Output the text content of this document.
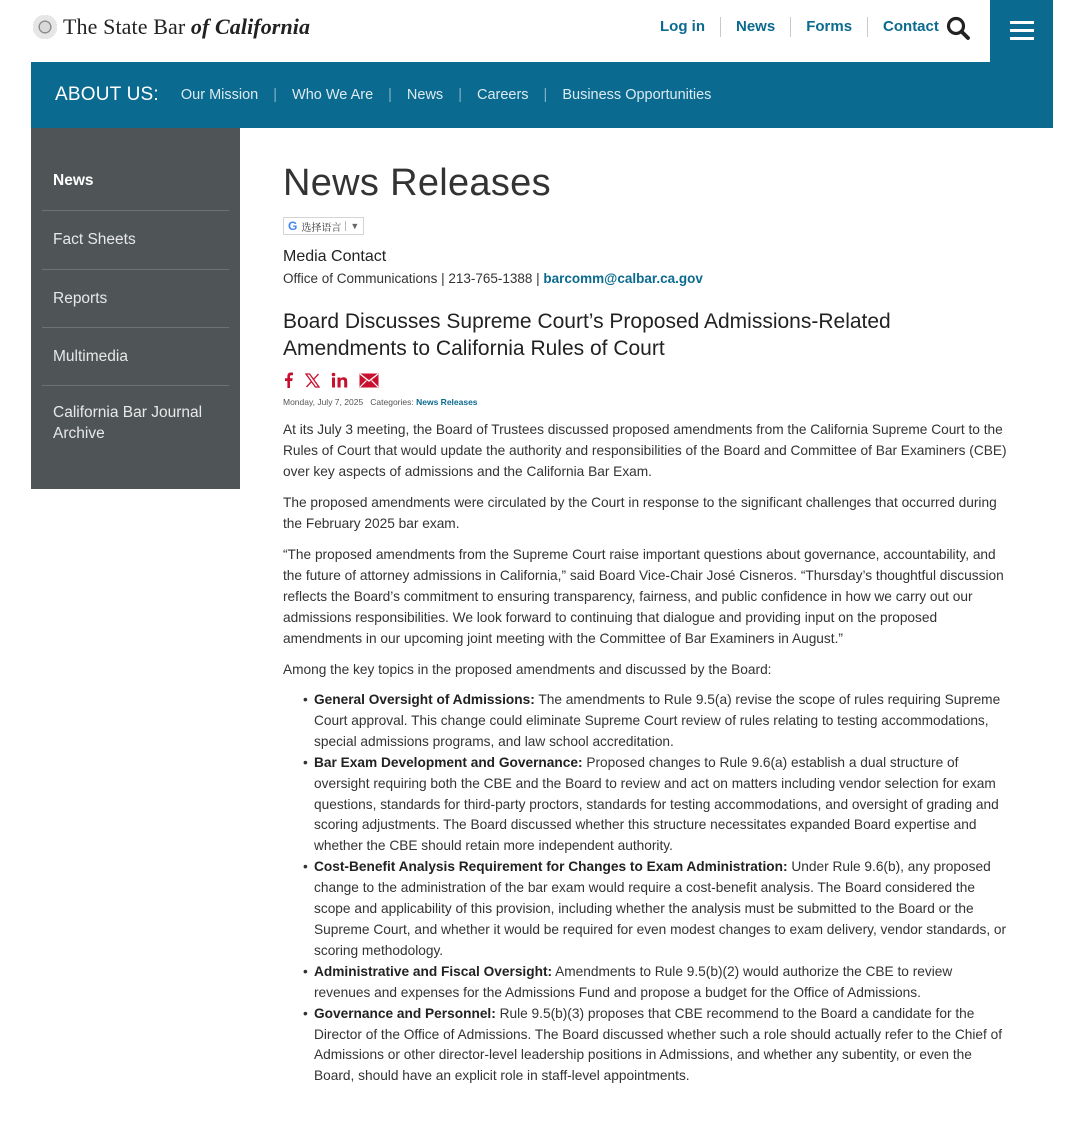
The State Bar of California	Log in	News	Forms	Contact
ABOUT US: Our Mission | Who We Are | News | Careers | Business Opportunities
News
Fact Sheets
Reports
Multimedia
California Bar Journal Archive
News Releases
G 选择语言	▼
Media Contact
Office of Communications | 213-765-1388 | barcomm@calbar.ca.gov
Board Discusses Supreme Court’s Proposed Admissions-Related Amendments to California Rules of Court
Monday, July 7, 2025 Categories: News Releases

At its July 3 meeting, the Board of Trustees discussed proposed amendments from the California Supreme Court to the Rules of Court that would update the authority and responsibilities of the Board and Committee of Bar Examiners (CBE) over key aspects of admissions and the California Bar Exam.

The proposed amendments were circulated by the Court in response to the significant challenges that occurred during the February 2025 bar exam.

“The proposed amendments from the Supreme Court raise important questions about governance, accountability, and the future of attorney admissions in California,” said Board Vice-Chair José Cisneros. “Thursday’s thoughtful discussion reflects the Board’s commitment to ensuring transparency, fairness, and public confidence in how we carry out our admissions responsibilities. We look forward to continuing that dialogue and providing input on the proposed amendments in our upcoming joint meeting with the Committee of Bar Examiners in August.”

Among the key topics in the proposed amendments and discussed by the Board:

• General Oversight of Admissions: The amendments to Rule 9.5(a) revise the scope of rules requiring Supreme Court approval. This change could eliminate Supreme Court review of rules relating to testing accommodations, special admissions programs, and law school accreditation.
• Bar Exam Development and Governance: Proposed changes to Rule 9.6(a) establish a dual structure of oversight requiring both the CBE and the Board to review and act on matters including vendor selection for exam questions, standards for third-party proctors, standards for testing accommodations, and oversight of grading and scoring adjustments. The Board discussed whether this structure necessitates expanded Board expertise and whether the CBE should retain more independent authority.
• Cost-Benefit Analysis Requirement for Changes to Exam Administration: Under Rule 9.6(b), any proposed change to the administration of the bar exam would require a cost-benefit analysis. The Board considered the scope and applicability of this provision, including whether the analysis must be submitted to the Board or the Supreme Court, and whether it would be required for even modest changes to exam delivery, vendor standards, or scoring methodology.
• Administrative and Fiscal Oversight: Amendments to Rule 9.5(b)(2) would authorize the CBE to review revenues and expenses for the Admissions Fund and propose a budget for the Office of Admissions.
• Governance and Personnel: Rule 9.5(b)(3) proposes that CBE recommend to the Board a candidate for the Director of the Office of Admissions. The Board discussed whether such a role should actually refer to the Chief of Admissions or other director-level leadership positions in Admissions, and whether any subentity, or even the Board, should have an explicit role in staff-level appointments.
